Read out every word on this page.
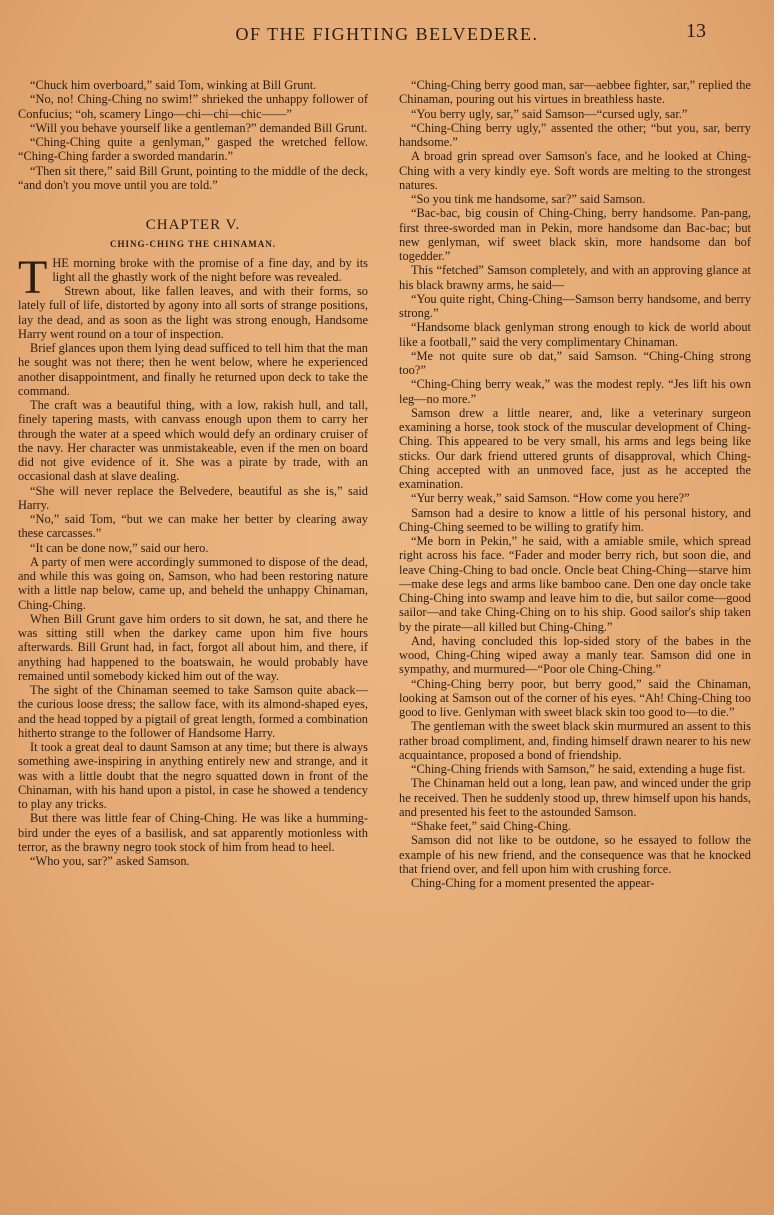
OF THE FIGHTING BELVEDERE.	13

“Chuck him overboard,” said Tom, winking at Bill Grunt.

“No, no! Ching-Ching no swim!” shrieked the unhappy follower of Confucius; “oh, scamery Lingo—chi—chi—chic——”

“Will you behave yourself like a gentleman?” demanded Bill Grunt.

“Ching-Ching quite a genlyman,” gasped the wretched fellow. “Ching-Ching farder a sworded mandarin.”

“Then sit there,” said Bill Grunt, pointing to the middle of the deck, “and don't you move until you are told.”

CHAPTER V.
CHING-CHING THE CHINAMAN.

THE morning broke with the promise of a fine day, and by its light all the ghastly work of the night before was revealed.

Strewn about, like fallen leaves, and with their forms, so lately full of life, distorted by agony into all sorts of strange positions, lay the dead, and as soon as the light was strong enough, Handsome Harry went round on a tour of inspection.

Brief glances upon them lying dead sufficed to tell him that the man he sought was not there; then he went below, where he experienced another disappointment, and finally he returned upon deck to take the command.

The craft was a beautiful thing, with a low, rakish hull, and tall, finely tapering masts, with canvass enough upon them to carry her through the water at a speed which would defy an ordinary cruiser of the navy. Her character was unmistakeable, even if the men on board did not give evidence of it. She was a pirate by trade, with an occasional dash at slave dealing.

“She will never replace the Belvedere, beautiful as she is,” said Harry.

“No,” said Tom, “but we can make her better by clearing away these carcasses.”

“It can be done now,” said our hero.

A party of men were accordingly summoned to dispose of the dead, and while this was going on, Samson, who had been restoring nature with a little nap below, came up, and beheld the unhappy Chinaman, Ching-Ching.

When Bill Grunt gave him orders to sit down, he sat, and there he was sitting still when the darkey came upon him five hours afterwards. Bill Grunt had, in fact, forgot all about him, and there, if anything had happened to the boatswain, he would probably have remained until somebody kicked him out of the way.

The sight of the Chinaman seemed to take Samson quite aback—the curious loose dress; the sallow face, with its almond-shaped eyes, and the head topped by a pigtail of great length, formed a combination hitherto strange to the follower of Handsome Harry.

It took a great deal to daunt Samson at any time; but there is always something awe-inspiring in anything entirely new and strange, and it was with a little doubt that the negro squatted down in front of the Chinaman, with his hand upon a pistol, in case he showed a tendency to play any tricks.

But there was little fear of Ching-Ching. He was like a humming-bird under the eyes of a basilisk, and sat apparently motionless with terror, as the brawny negro took stock of him from head to heel.

“Who you, sar?” asked Samson.

“Ching-Ching berry good man, sar—aebbee fighter, sar,” replied the Chinaman, pouring out his virtues in breathless haste.

“You berry ugly, sar,” said Samson—“cursed ugly, sar.”

“Ching-Ching berry ugly,” assented the other; “but you, sar, berry handsome.”

A broad grin spread over Samson's face, and he looked at Ching-Ching with a very kindly eye. Soft words are melting to the strongest natures.

“So you tink me handsome, sar?” said Samson.

“Bac-bac, big cousin of Ching-Ching, berry handsome. Pan-pang, first three-sworded man in Pekin, more handsome dan Bac-bac; but new genlyman, wif sweet black skin, more handsome dan bof togedder.”

This “fetched” Samson completely, and with an approving glance at his black brawny arms, he said—

“You quite right, Ching-Ching—Samson berry handsome, and berry strong.”

“Handsome black genlyman strong enough to kick de world about like a football,” said the very complimentary Chinaman.

“Me not quite sure ob dat,” said Samson. “Ching-Ching strong too?”

“Ching-Ching berry weak,” was the modest reply. “Jes lift his own leg—no more.”

Samson drew a little nearer, and, like a veterinary surgeon examining a horse, took stock of the muscular development of Ching-Ching. This appeared to be very small, his arms and legs being like sticks. Our dark friend uttered grunts of disapproval, which Ching-Ching accepted with an unmoved face, just as he accepted the examination.

“Yur berry weak,” said Samson. “How come you here?”

Samson had a desire to know a little of his personal history, and Ching-Ching seemed to be willing to gratify him.

“Me born in Pekin,” he said, with a amiable smile, which spread right across his face. “Fader and moder berry rich, but soon die, and leave Ching-Ching to bad oncle. Oncle beat Ching-Ching—starve him—make dese legs and arms like bamboo cane. Den one day oncle take Ching-Ching into swamp and leave him to die, but sailor come—good sailor—and take Ching-Ching on to his ship. Good sailor's ship taken by the pirate—all killed but Ching-Ching.”

And, having concluded this lop-sided story of the babes in the wood, Ching-Ching wiped away a manly tear. Samson did one in sympathy, and murmured—“Poor ole Ching-Ching.”

“Ching-Ching berry poor, but berry good,” said the Chinaman, looking at Samson out of the corner of his eyes. “Ah! Ching-Ching too good to live. Genlyman with sweet black skin too good to—to die.”

The gentleman with the sweet black skin murmured an assent to this rather broad compliment, and, finding himself drawn nearer to his new acquaintance, proposed a bond of friendship.

“Ching-Ching friends with Samson,” he said, extending a huge fist.

The Chinaman held out a long, lean paw, and winced under the grip he received. Then he suddenly stood up, threw himself upon his hands, and presented his feet to the astounded Samson.

“Shake feet,” said Ching-Ching.

Samson did not like to be outdone, so he essayed to follow the example of his new friend, and the consequence was that he knocked that friend over, and fell upon him with crushing force.

Ching-Ching for a moment presented the appear-
